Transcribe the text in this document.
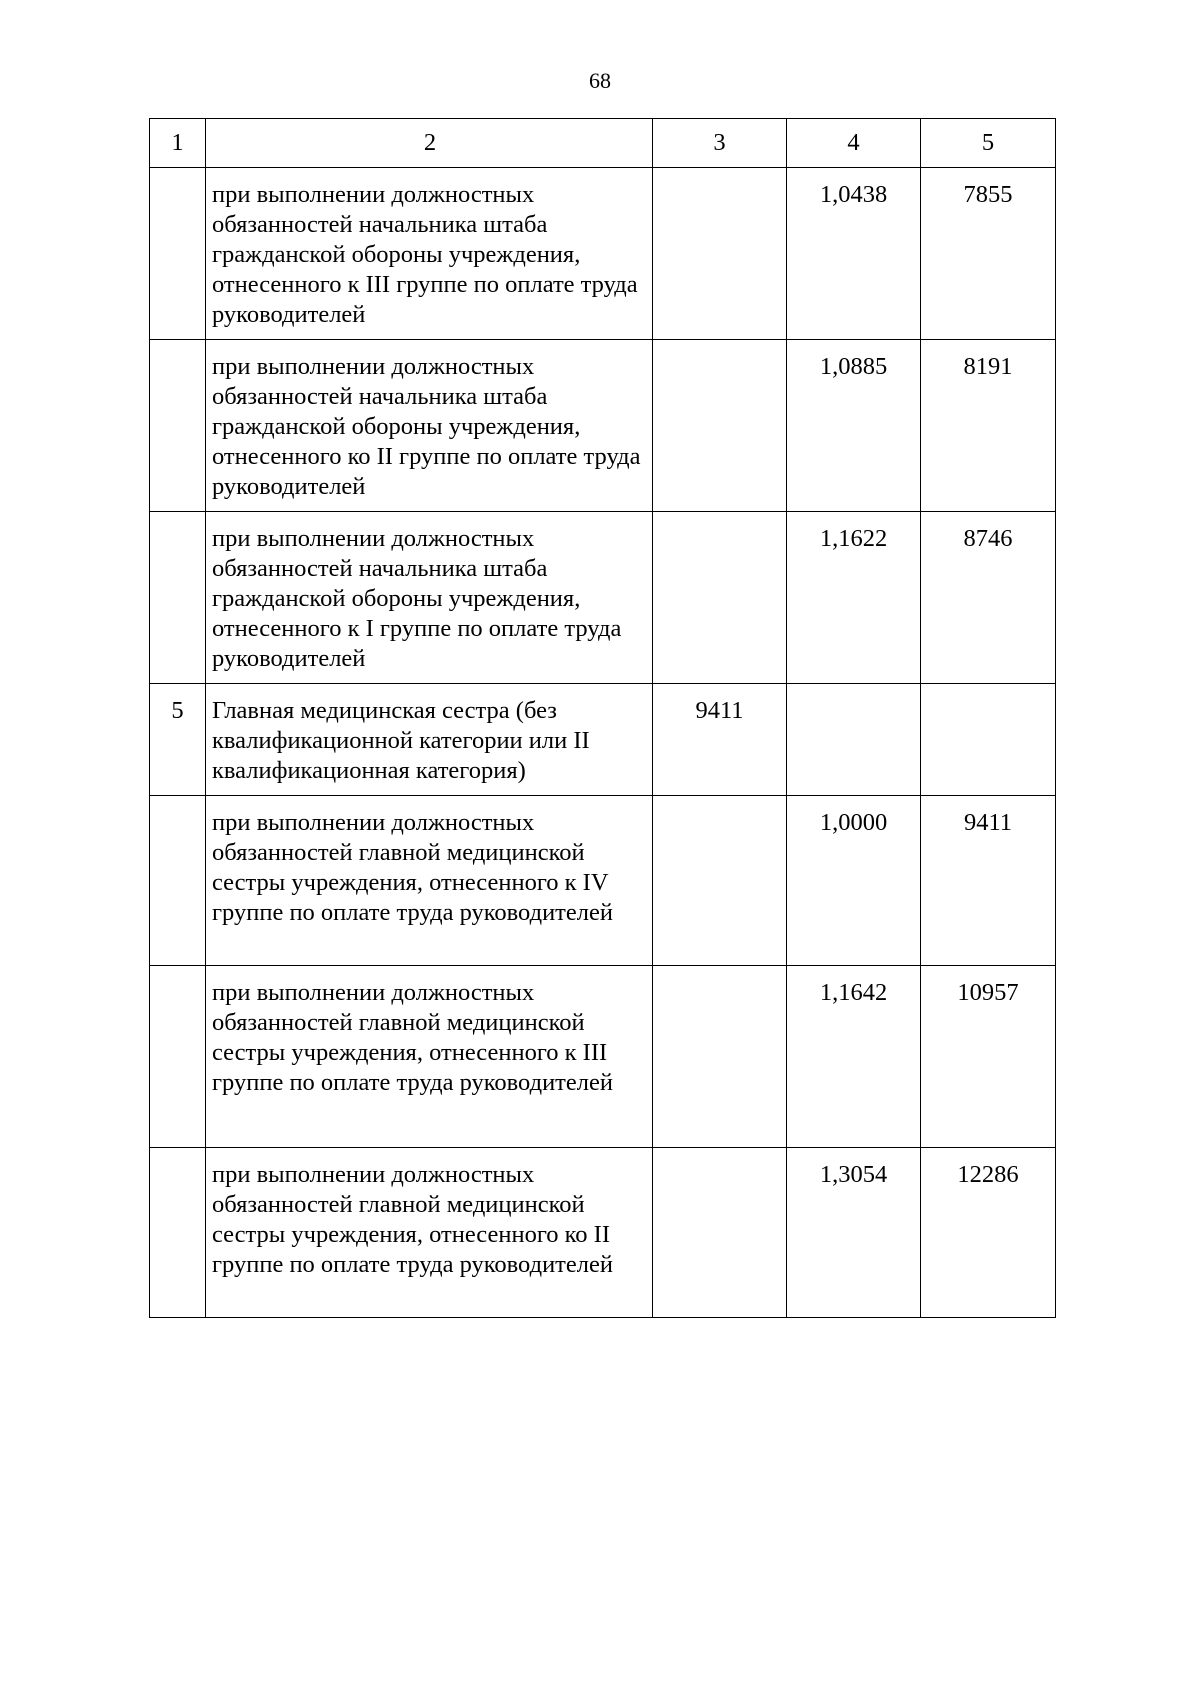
68
1	2	3	4	5
	при выполнении должностных обязанностей начальника штаба гражданской обороны учреждения, отнесенного к III группе по оплате труда руководителей		1,0438	7855
	при выполнении должностных обязанностей начальника штаба гражданской обороны учреждения, отнесенного ко II группе по оплате труда руководителей		1,0885	8191
	при выполнении должностных обязанностей начальника штаба гражданской обороны учреждения, отнесенного к I группе по оплате труда руководителей		1,1622	8746
5	Главная медицинская сестра (без квалификационной категории или II квалификационная категория)	9411		
	при выполнении должностных обязанностей главной медицинской сестры учреждения, отнесенного к IV группе по оплате труда руководителей		1,0000	9411
	при выполнении должностных обязанностей главной медицинской сестры учреждения, отнесенного к III группе по оплате труда руководителей		1,1642	10957
	при выполнении должностных обязанностей главной медицинской сестры учреждения, отнесенного ко II группе по оплате труда руководителей		1,3054	12286
